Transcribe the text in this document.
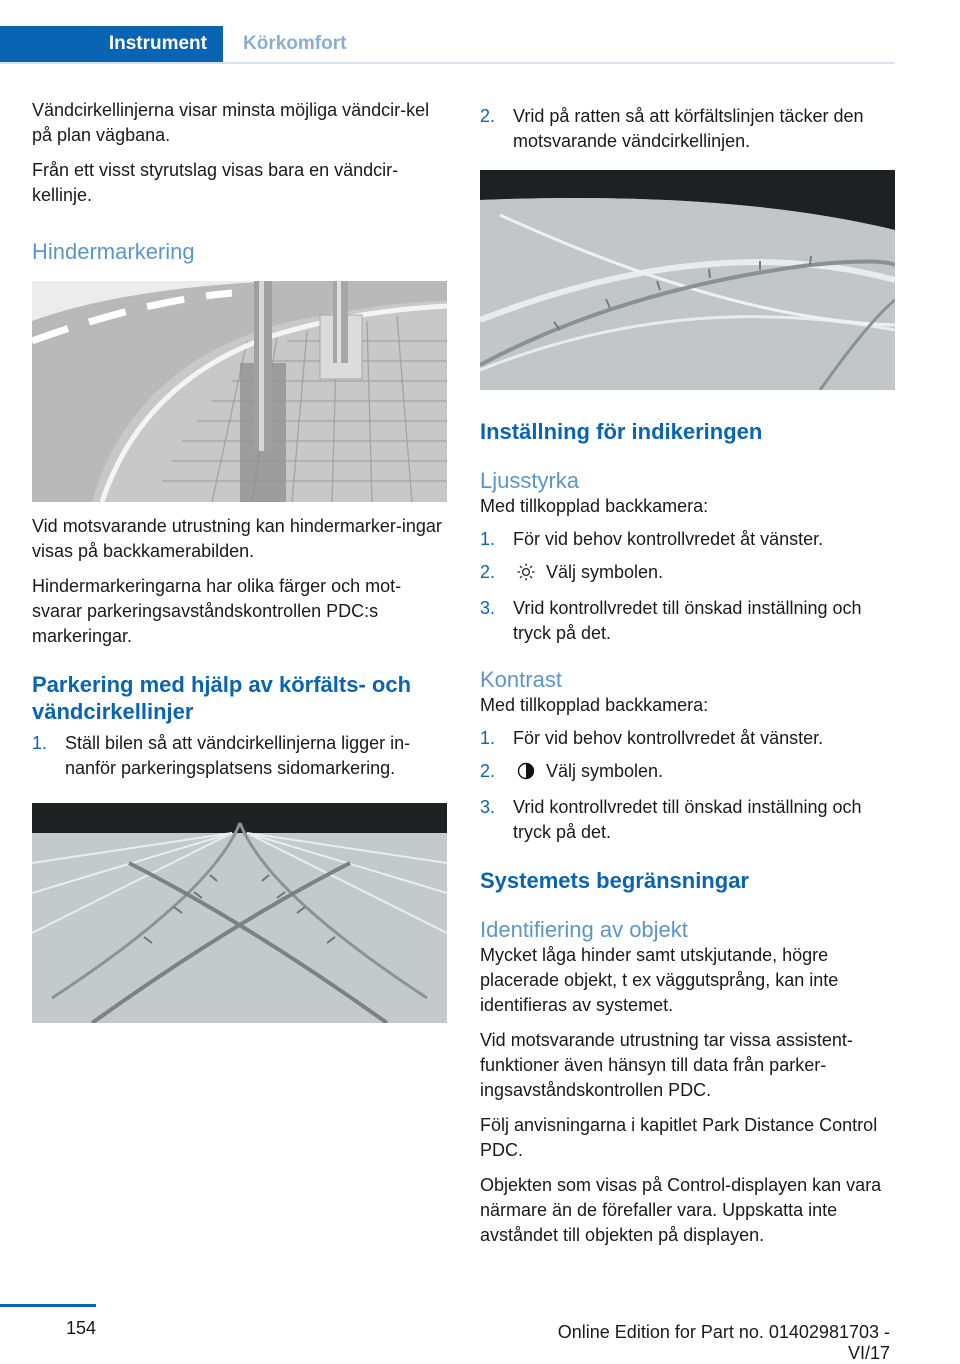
Instrument	Körkomfort

Vändcirkellinjerna visar minsta möjliga vändcir-kel på plan vägbana.

Från ett visst styrutslag visas bara en vändcir-kellinje.

Hindermarkering

Vid motsvarande utrustning kan hindermarker-ingar visas på backkamerabilden.

Hindermarkeringarna har olika färger och mot-svarar parkeringsavståndskontrollen PDC:s markeringar.

Parkering med hjälp av körfälts- och vändcirkellinjer
1. Ställ bilen så att vändcirkellinjerna ligger in-nanför parkeringsplatsens sidomarkering.
2. Vrid på ratten så att körfältslinjen täcker den motsvarande vändcirkellinjen.
Inställning för indikeringen
Ljusstyrka

Med tillkopplad backkamera:

1. För vid behov kontrollvredet åt vänster.
2.	Välj symbolen.
3. Vrid kontrollvredet till önskad inställning och tryck på det.
Kontrast

Med tillkopplad backkamera:

1. För vid behov kontrollvredet åt vänster.
2.	Välj symbolen.
3. Vrid kontrollvredet till önskad inställning och tryck på det.
Systemets begränsningar
Identifiering av objekt

Mycket låga hinder samt utskjutande, högre placerade objekt, t ex väggutsprång, kan inte identifieras av systemet.

Vid motsvarande utrustning tar vissa assistent-funktioner även hänsyn till data från parker-ingsavståndskontrollen PDC.

Följ anvisningarna i kapitlet Park Distance Control PDC.

Objekten som visas på Control-displayen kan vara närmare än de förefaller vara. Uppskatta inte avståndet till objekten på displayen.

154	Online Edition for Part no. 01402981703 - VI/17
